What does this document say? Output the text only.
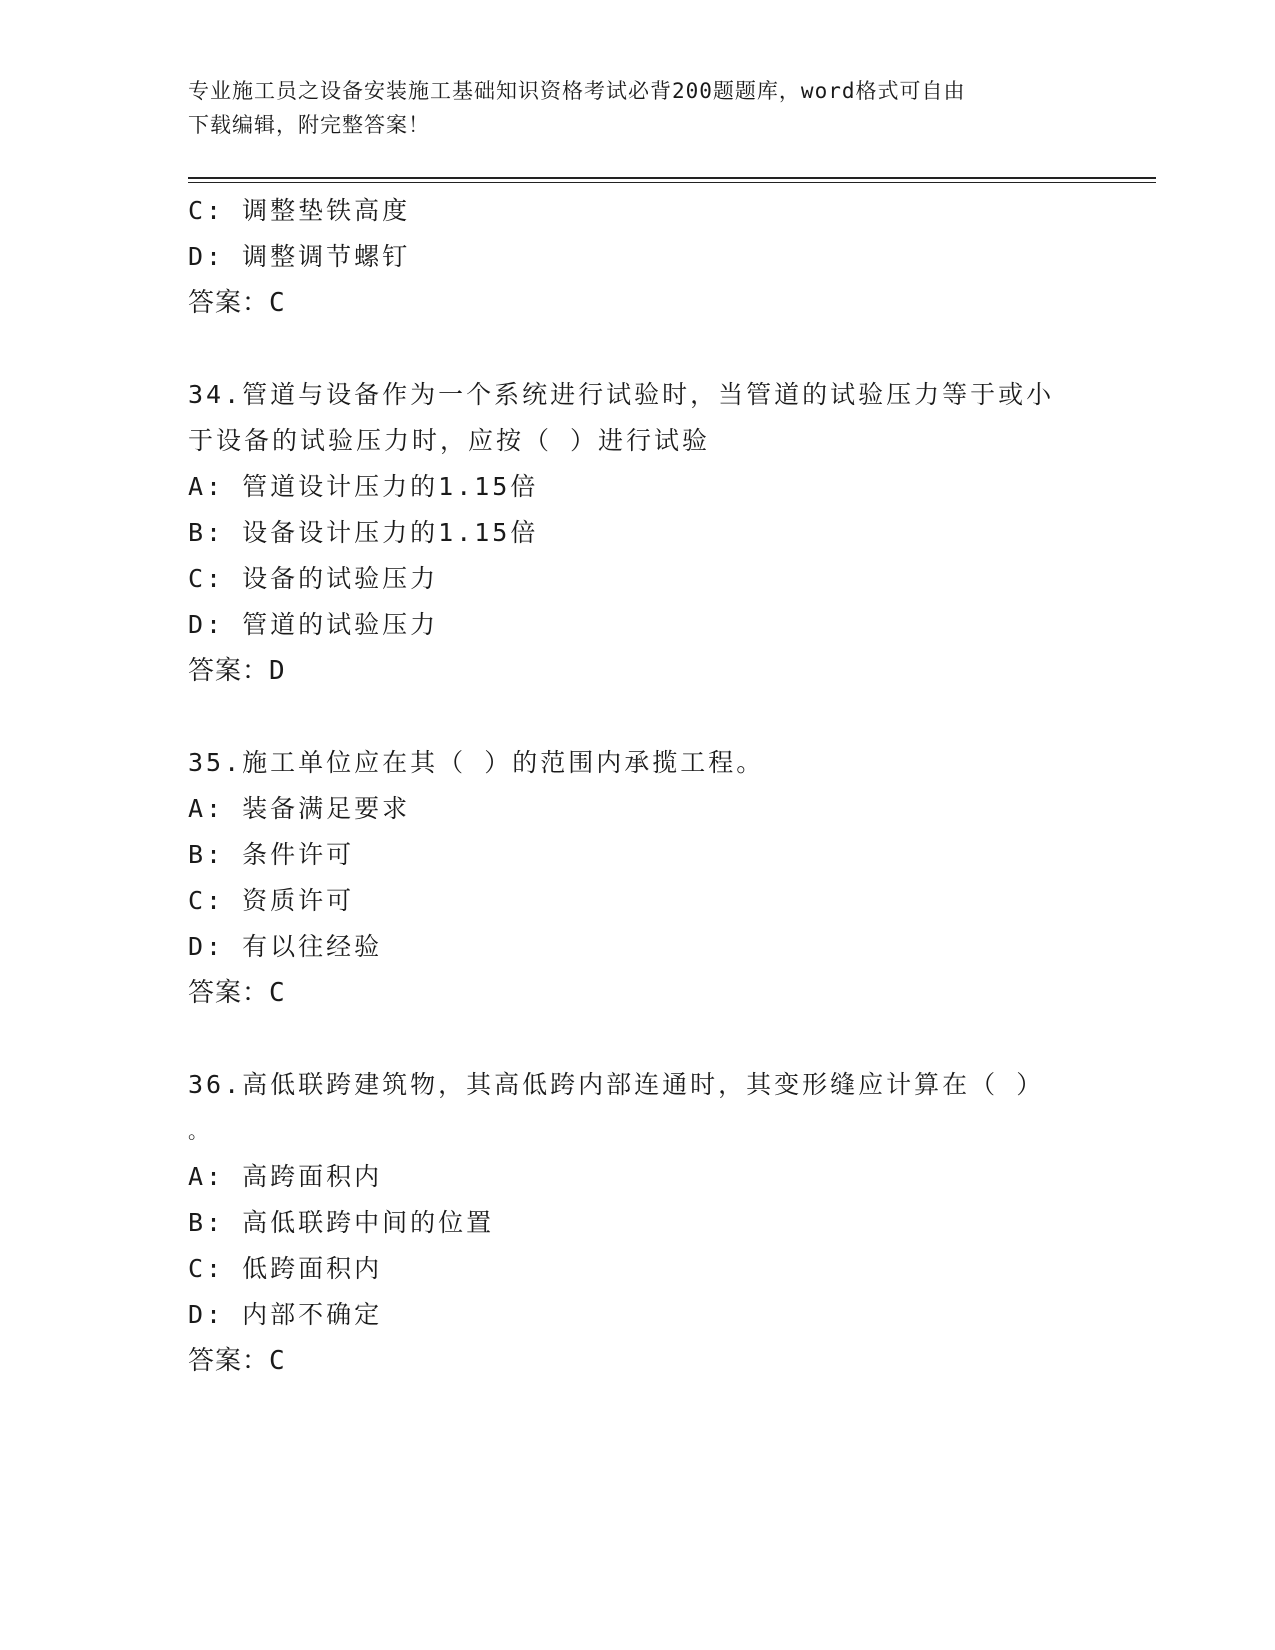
专业施工员之设备安装施工基础知识资格考试必背200题题库，word格式可自由
下载编辑，附完整答案！
C: 调整垫铁高度
D: 调整调节螺钉
答案：C
34.管道与设备作为一个系统进行试验时，当管道的试验压力等于或小
于设备的试验压力时，应按（ ）进行试验
A: 管道设计压力的1.15倍
B: 设备设计压力的1.15倍
C: 设备的试验压力
D: 管道的试验压力
答案：D
35.施工单位应在其（ ）的范围内承揽工程。
A: 装备满足要求
B: 条件许可
C: 资质许可
D: 有以往经验
答案：C
36.高低联跨建筑物，其高低跨内部连通时，其变形缝应计算在（ ）
。
A: 高跨面积内
B: 高低联跨中间的位置
C: 低跨面积内
D: 内部不确定
答案：C
